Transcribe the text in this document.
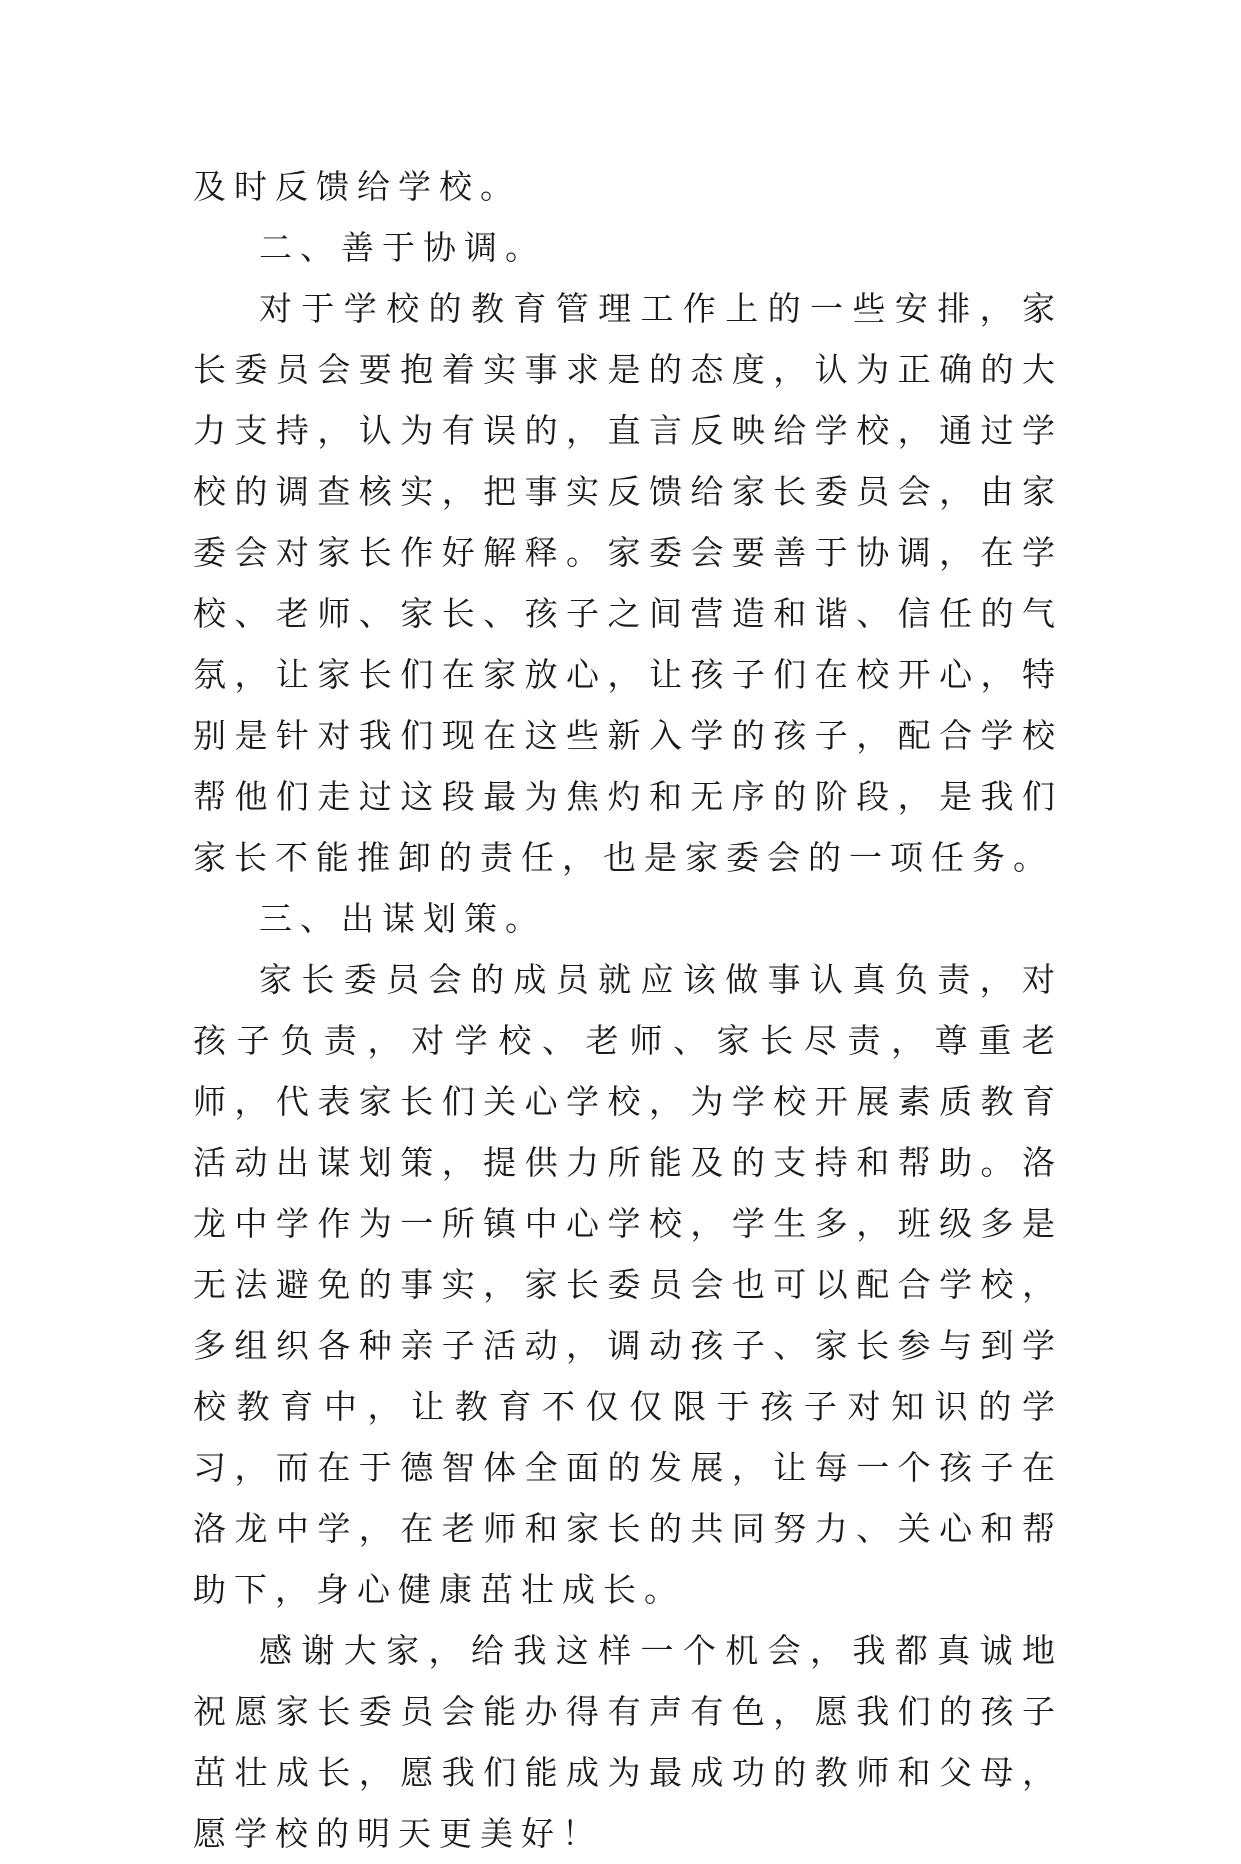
及时反馈给学校。

二、善于协调。

对于学校的教育管理工作上的一些安排，家长委员会要抱着实事求是的态度，认为正确的大力支持，认为有误的，直言反映给学校，通过学校的调查核实，把事实反馈给家长委员会，由家委会对家长作好解释。家委会要善于协调，在学校、老师、家长、孩子之间营造和谐、信任的气氛，让家长们在家放心，让孩子们在校开心，特别是针对我们现在这些新入学的孩子，配合学校帮他们走过这段最为焦灼和无序的阶段，是我们家长不能推卸的责任，也是家委会的一项任务。

三、出谋划策。

家长委员会的成员就应该做事认真负责，对孩子负责，对学校、老师、家长尽责，尊重老师，代表家长们关心学校，为学校开展素质教育活动出谋划策，提供力所能及的支持和帮助。洛龙中学作为一所镇中心学校，学生多，班级多是无法避免的事实，家长委员会也可以配合学校，多组织各种亲子活动，调动孩子、家长参与到学校教育中，让教育不仅仅限于孩子对知识的学习，而在于德智体全面的发展，让每一个孩子在洛龙中学，在老师和家长的共同努力、关心和帮助下，身心健康茁壮成长。

感谢大家，给我这样一个机会，我都真诚地祝愿家长委员会能办得有声有色，愿我们的孩子茁壮成长，愿我们能成为最成功的教师和父母，愿学校的明天更美好！
